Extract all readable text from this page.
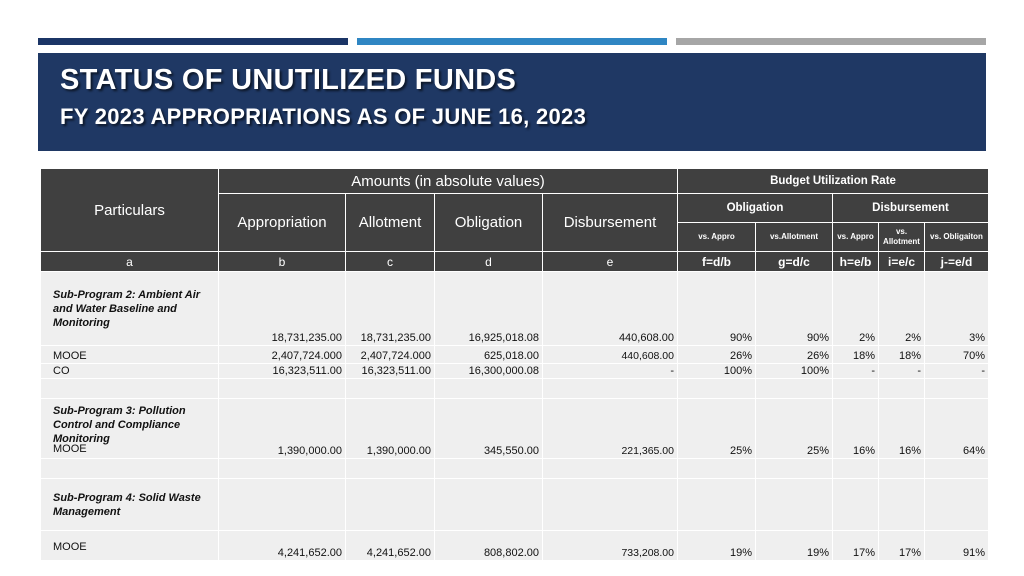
STATUS OF UNUTILIZED FUNDS
FY 2023 APPROPRIATIONS AS OF JUNE 16, 2023
Particulars	Amounts (in absolute values)				Budget Utilization Rate				
	Appropriation	Allotment	Obligation	Disbursement	Obligation		Disbursement		
					vs. Appro	vs.Allotment	vs. Appro	vs. Allotment	vs. Obligaiton
a	b	c	d	e	f=d/b	g=d/c	h=e/b	i=e/c	j-=e/d
Sub-Program 2: Ambient Air and Water Baseline and Monitoring	18,731,235.00	18,731,235.00	16,925,018.08	440,608.00	90%	90%	2%	2%	3%
MOOE	2,407,724.000	2,407,724.000	625,018.00	440,608.00	26%	26%	18%	18%	70%
CO	16,323,511.00	16,323,511.00	16,300,000.08	-	100%	100%	-	-	-

Sub-Program 3: Pollution Control and Compliance Monitoring
MOOE	1,390,000.00	1,390,000.00	345,550.00	221,365.00	25%	25%	16%	16%	64%

Sub-Program 4: Solid Waste Management									
MOOE	4,241,652.00	4,241,652.00	808,802.00	733,208.00	19%	19%	17%	17%	91%
